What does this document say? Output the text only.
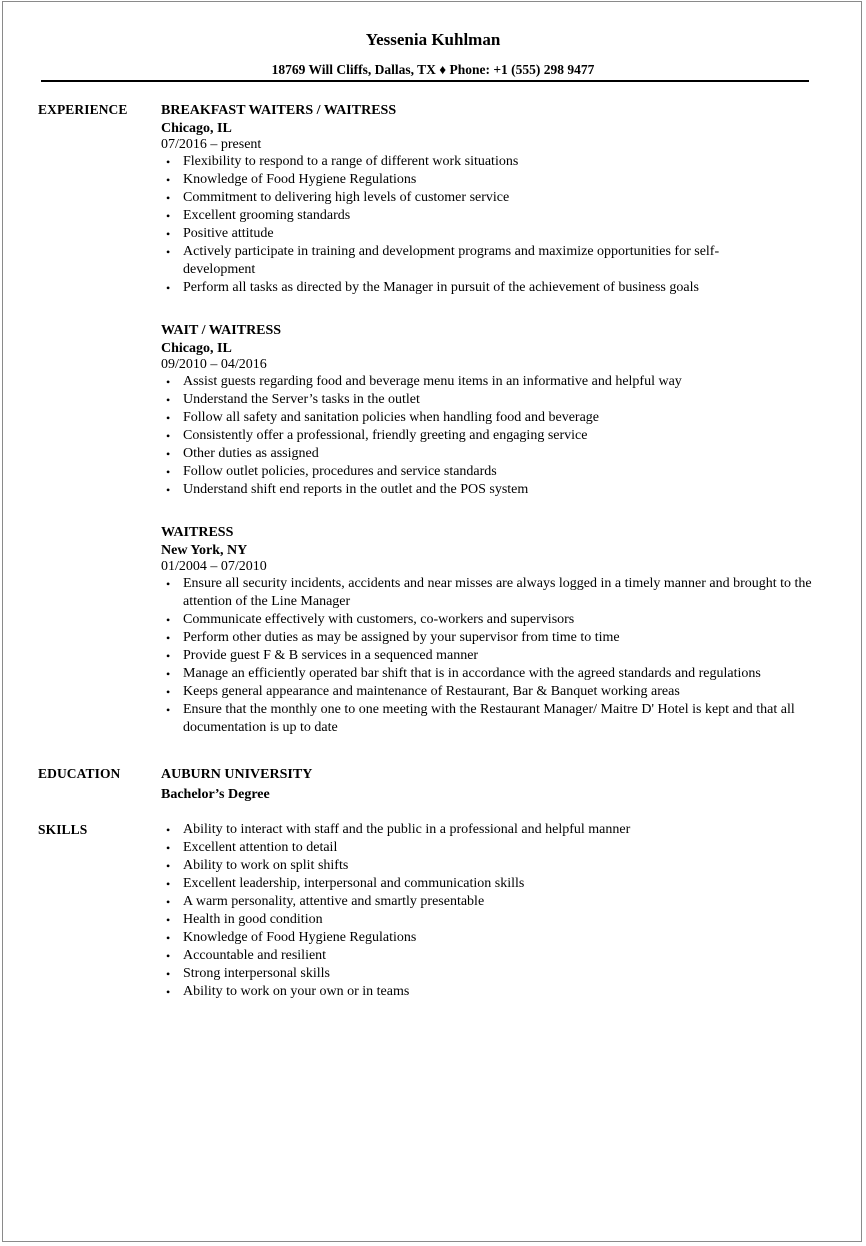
Yessenia Kuhlman
18769 Will Cliffs, Dallas, TX ♦ Phone: +1 (555) 298 9477
EXPERIENCE BREAKFAST WAITERS / WAITRESS
Chicago, IL
07/2016 – present
• Flexibility to respond to a range of different work situations
• Knowledge of Food Hygiene Regulations
• Commitment to delivering high levels of customer service
• Excellent grooming standards
• Positive attitude
• Actively participate in training and development programs and maximize opportunities for self-development
• Perform all tasks as directed by the Manager in pursuit of the achievement of business goals
WAIT / WAITRESS
Chicago, IL
09/2010 – 04/2016
• Assist guests regarding food and beverage menu items in an informative and helpful way
• Understand the Server’s tasks in the outlet
• Follow all safety and sanitation policies when handling food and beverage
• Consistently offer a professional, friendly greeting and engaging service
• Other duties as assigned
• Follow outlet policies, procedures and service standards
• Understand shift end reports in the outlet and the POS system
WAITRESS
New York, NY
01/2004 – 07/2010
• Ensure all security incidents, accidents and near misses are always logged in a timely manner and brought to the attention of the Line Manager
• Communicate effectively with customers, co-workers and supervisors
• Perform other duties as may be assigned by your supervisor from time to time
• Provide guest F & B services in a sequenced manner
• Manage an efficiently operated bar shift that is in accordance with the agreed standards and regulations
• Keeps general appearance and maintenance of Restaurant, Bar & Banquet working areas
• Ensure that the monthly one to one meeting with the Restaurant Manager/ Maitre D' Hotel is kept and that all documentation is up to date
EDUCATION	AUBURN UNIVERSITY
Bachelor’s Degree
SKILLS	• Ability to interact with staff and the public in a professional and helpful manner
• Excellent attention to detail
• Ability to work on split shifts
• Excellent leadership, interpersonal and communication skills
• A warm personality, attentive and smartly presentable
• Health in good condition
• Knowledge of Food Hygiene Regulations
• Accountable and resilient
• Strong interpersonal skills
• Ability to work on your own or in teams
